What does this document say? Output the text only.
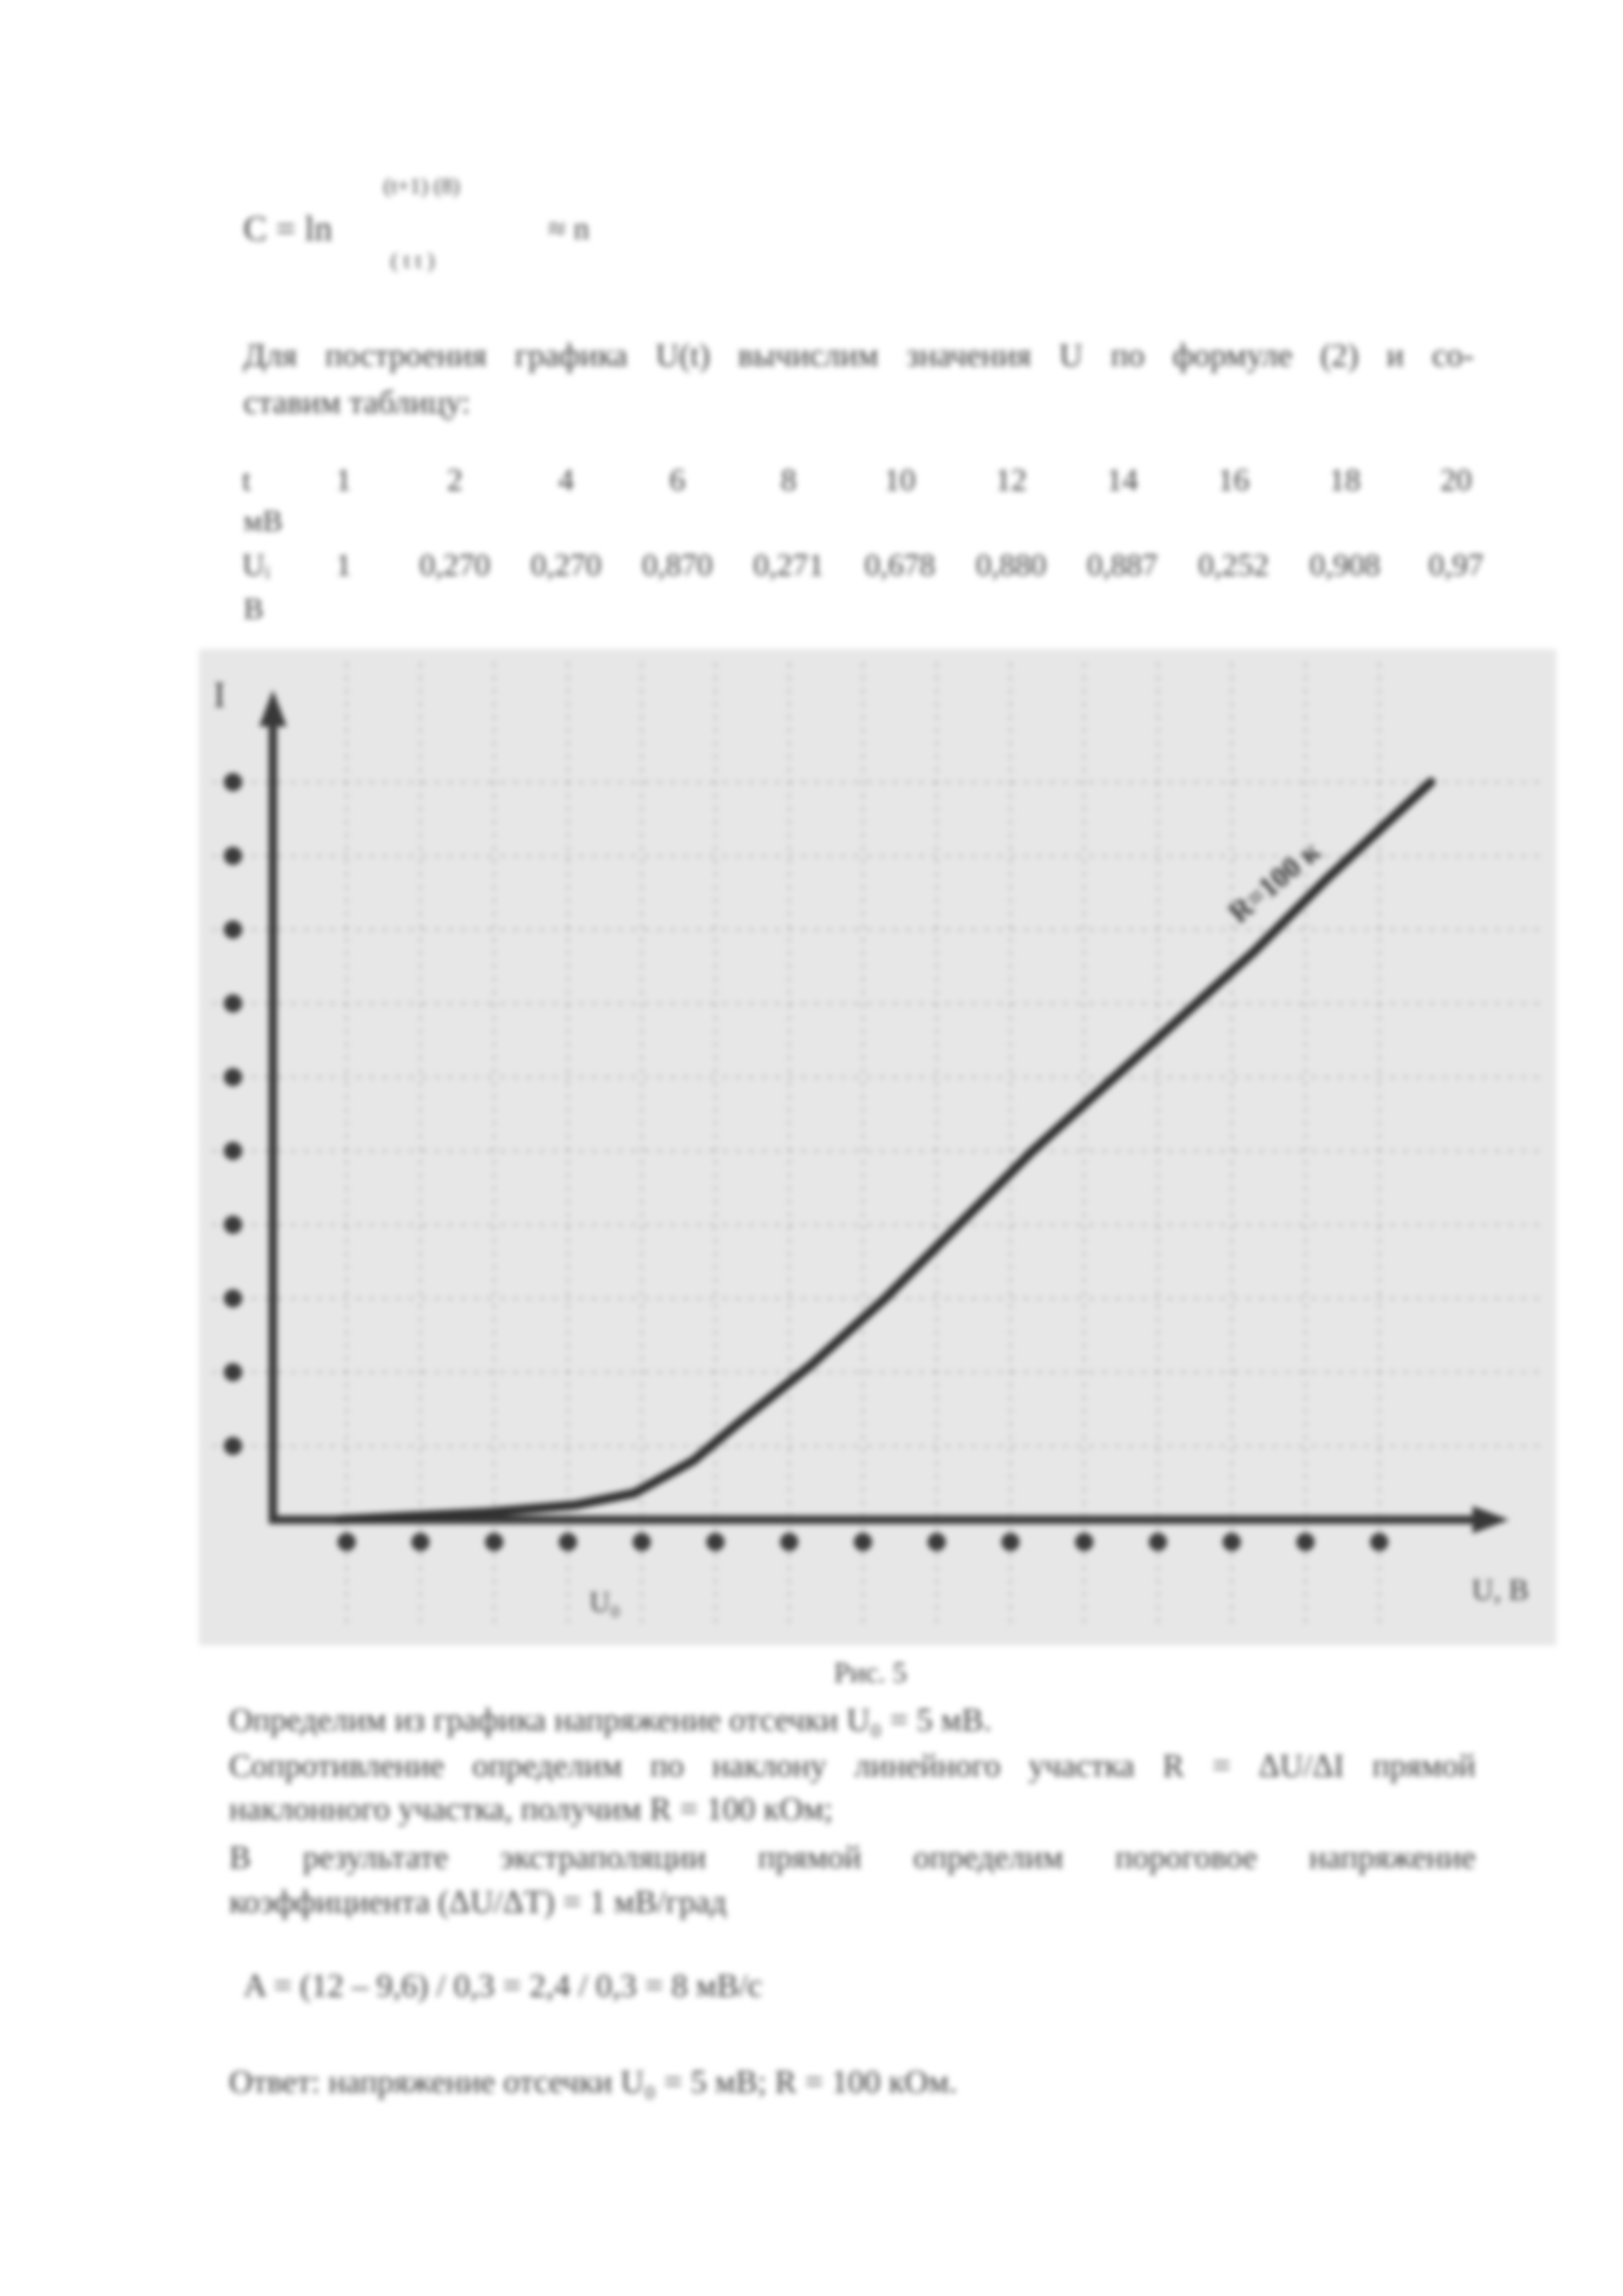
C = ln
(t+1) (8)
( t t )
≈ n
Для построения графика U(t) вычислим значения U по формуле (2) и со-
ставим таблицу:
t	1	2	4	6	8	10	12	14	16	18	20
мВ
Uᵢ	1	0,270	0,270	0,870	0,271	0,678	0,880	0,887	0,252	0,908	0,97
В
I
U, В
U₀
R=100 к
Рис. 5
Определим из графика напряжение отсечки U₀ = 5 мВ.
Сопротивление определим по наклону линейного участка R = ΔU/ΔI прямой
наклонного участка, получим R = 100 кОм;
В результате экстраполяции прямой определим пороговое напряжение
коэффициента (ΔU/ΔT) = 1 мВ/град
A = (12 – 9,6) / 0,3 = 2,4 / 0,3 = 8 мВ/с
Ответ: напряжение отсечки U₀ = 5 мВ; R = 100 кОм.
